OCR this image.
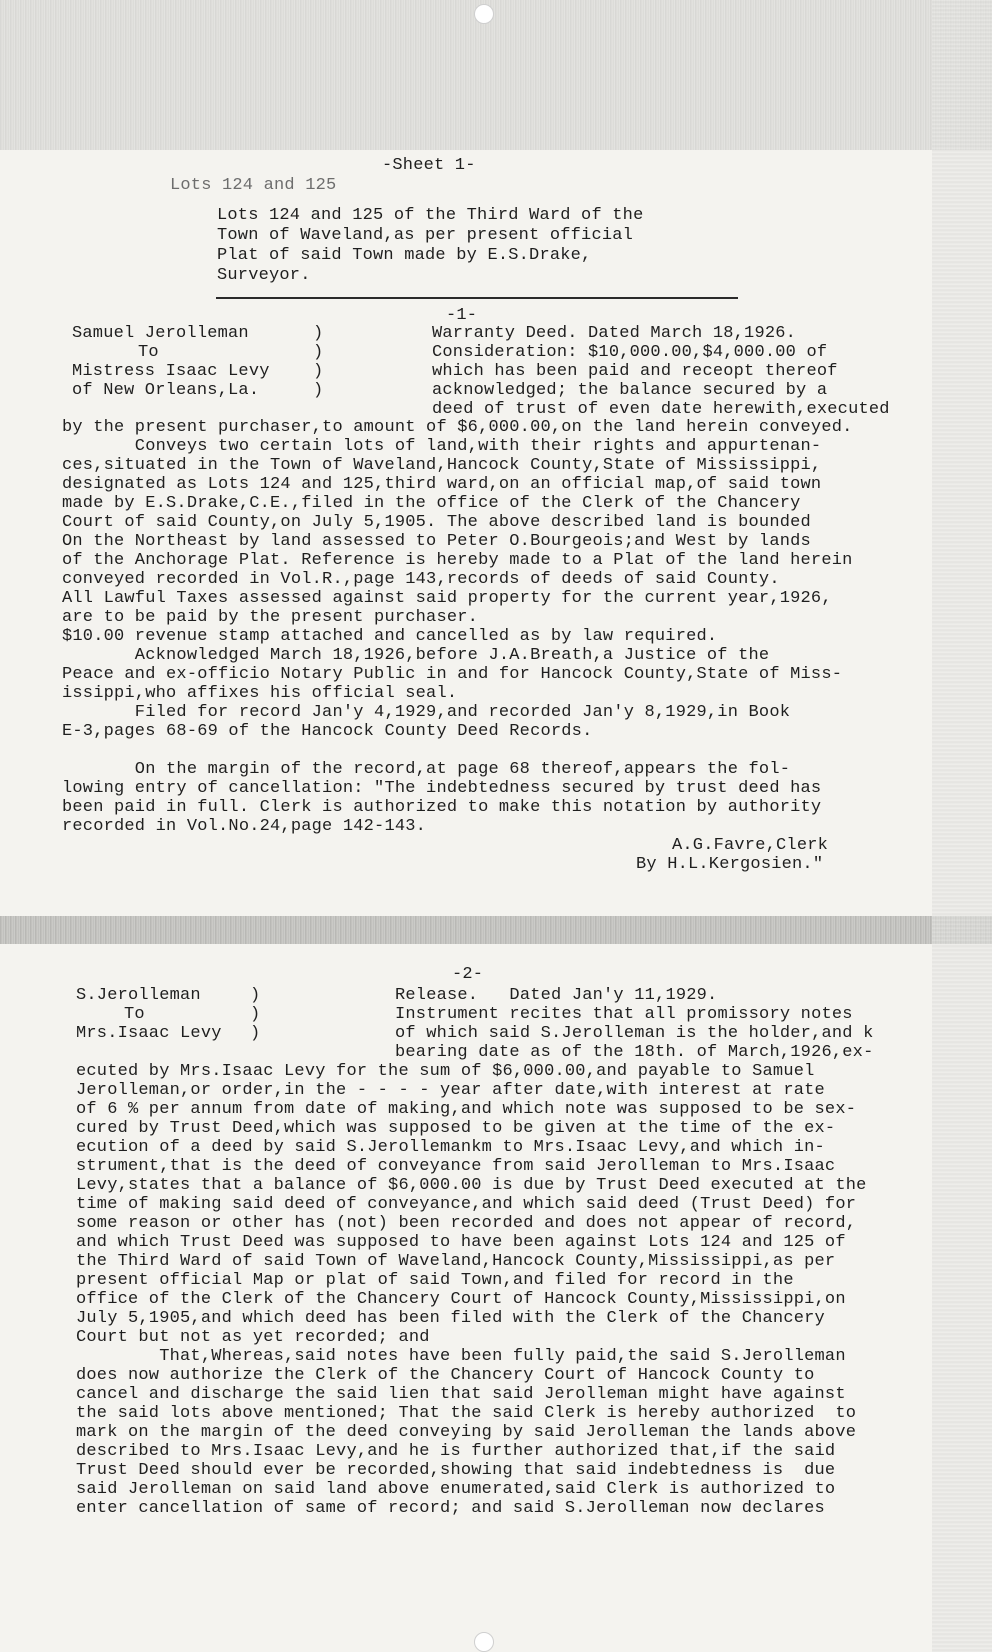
-Sheet 1-
Lots 124 and 125
Lots 124 and 125 of the Third Ward of the
Town of Waveland,as per present official
Plat of said Town made by E.S.Drake,
Surveyor.
-1-
Samuel Jerolleman
To
Mistress Isaac Levy
of New Orleans,La.
)
)
)
)
Warranty Deed. Dated March 18,1926.
Consideration: $10,000.00,$4,000.00 of
which has been paid and receopt thereof
acknowledged; the balance secured by a
deed of trust of even date herewith,executed
by the present purchaser,to amount of $6,000.00,on the land herein conveyed.
Conveys two certain lots of land,with their rights and appurtenan-
ces,situated in the Town of Waveland,Hancock County,State of Mississippi,
designated as Lots 124 and 125,third ward,on an official map,of said town
made by E.S.Drake,C.E.,filed in the office of the Clerk of the Chancery
Court of said County,on July 5,1905. The above described land is bounded
On the Northeast by land assessed to Peter O.Bourgeois;and West by lands
of the Anchorage Plat. Reference is hereby made to a Plat of the land herein
conveyed recorded in Vol.R.,page 143,records of deeds of said County.
All Lawful Taxes assessed against said property for the current year,1926,
are to be paid by the present purchaser.
$10.00 revenue stamp attached and cancelled as by law required.
Acknowledged March 18,1926,before J.A.Breath,a Justice of the
Peace and ex-officio Notary Public in and for Hancock County,State of Miss-
issippi,who affixes his official seal.
Filed for record Jan'y 4,1929,and recorded Jan'y 8,1929,in Book
E-3,pages 68-69 of the Hancock County Deed Records.
On the margin of the record,at page 68 thereof,appears the fol-
lowing entry of cancellation: "The indebtedness secured by trust deed has
been paid in full. Clerk is authorized to make this notation by authority
recorded in Vol.No.24,page 142-143.
A.G.Favre,Clerk
By H.L.Kergosien."
-2-
S.Jerolleman
To
Mrs.Isaac Levy
)
)
)
Release.   Dated Jan'y 11,1929.
Instrument recites that all promissory notes
of which said S.Jerolleman is the holder,and k
bearing date as of the 18th. of March,1926,ex-
ecuted by Mrs.Isaac Levy for the sum of $6,000.00,and payable to Samuel
Jerolleman,or order,in the - - - - year after date,with interest at rate
of 6 % per annum from date of making,and which note was supposed to be sex-
cured by Trust Deed,which was supposed to be given at the time of the ex-
ecution of a deed by said S.Jerollemankm to Mrs.Isaac Levy,and which in-
strument,that is the deed of conveyance from said Jerolleman to Mrs.Isaac
Levy,states that a balance of $6,000.00 is due by Trust Deed executed at the
time of making said deed of conveyance,and which said deed (Trust Deed) for
some reason or other has (not) been recorded and does not appear of record,
and which Trust Deed was supposed to have been against Lots 124 and 125 of
the Third Ward of said Town of Waveland,Hancock County,Mississippi,as per
present official Map or plat of said Town,and filed for record in the
office of the Clerk of the Chancery Court of Hancock County,Mississippi,on
July 5,1905,and which deed has been filed with the Clerk of the Chancery
Court but not as yet recorded; and
That,Whereas,said notes have been fully paid,the said S.Jerolleman
does now authorize the Clerk of the Chancery Court of Hancock County to
cancel and discharge the said lien that said Jerolleman might have against
the said lots above mentioned; That the said Clerk is hereby authorized  to
mark on the margin of the deed conveying by said Jerolleman the lands above
described to Mrs.Isaac Levy,and he is further authorized that,if the said
Trust Deed should ever be recorded,showing that said indebtedness is  due
said Jerolleman on said land above enumerated,said Clerk is authorized to
enter cancellation of same of record; and said S.Jerolleman now declares
